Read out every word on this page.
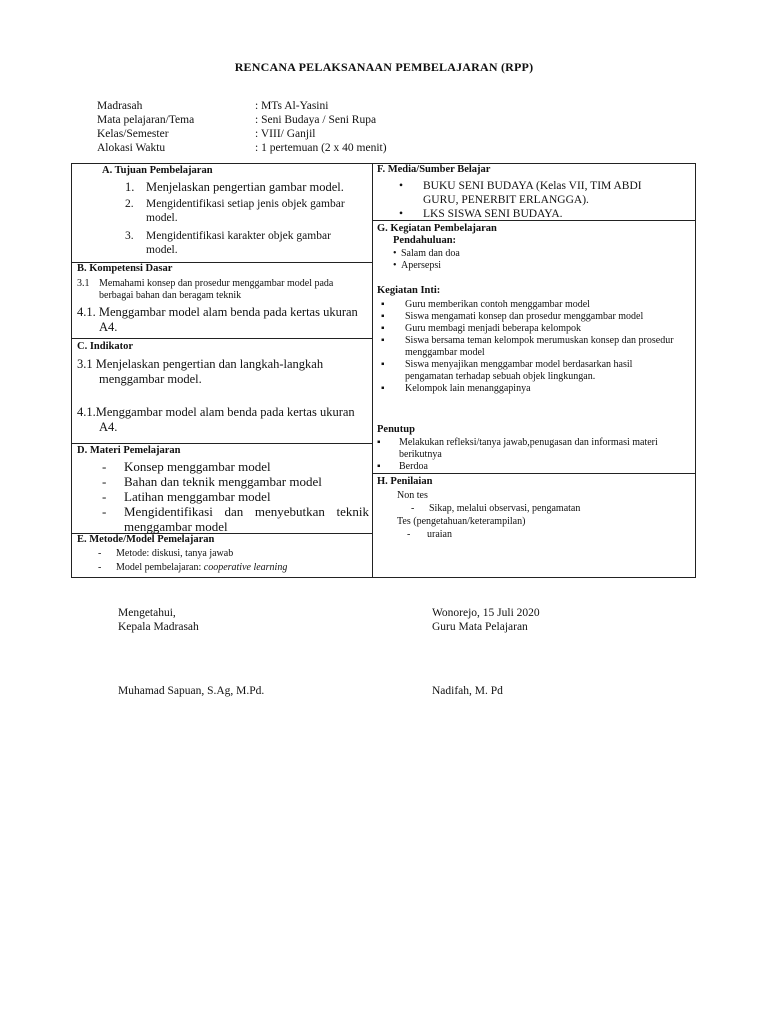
RENCANA PELAKSANAAN PEMBELAJARAN (RPP)
Madrasah	: MTs Al-Yasini
Mata pelajaran/Tema	: Seni Budaya / Seni Rupa
Kelas/Semester	: VIII/ Ganjil
Alokasi Waktu	: 1 pertemuan (2 x 40 menit)
A. Tujuan Pembelajaran
1. Menjelaskan pengertian gambar model.
2.	Mengidentifikasi setiap jenis objek gambar model.
3.	Mengidentifikasi karakter objek gambar model.
B. Kompetensi Dasar
3.1 Memahami konsep dan prosedur menggambar model pada berbagai bahan dan beragam teknik
4.1. Menggambar model alam benda pada kertas ukuran A4.
C. Indikator
3.1 Menjelaskan pengertian dan langkah-langkah menggambar model.
4.1.Menggambar model alam benda pada kertas ukuran A4.
D. Materi Pemelajaran
-	Konsep menggambar model
-	Bahan dan teknik menggambar model
-	Latihan menggambar model
-	Mengidentifikasi dan menyebutkan teknik menggambar model
E. Metode/Model Pemelajaran
-	Metode: diskusi, tanya jawab
-	Model pembelajaran: cooperative learning
F. Media/Sumber Belajar
•	BUKU SENI BUDAYA (Kelas VII, TIM ABDI GURU, PENERBIT ERLANGGA).
•	LKS SISWA SENI BUDAYA.
G. Kegiatan Pembelajaran
Pendahuluan:
• Salam dan doa
• Apersepsi
Kegiatan Inti:
▪	Guru memberikan contoh menggambar model
▪	Siswa mengamati konsep dan prosedur menggambar model
▪	Guru membagi menjadi beberapa kelompok
▪	Siswa bersama teman kelompok merumuskan konsep dan prosedur menggambar model
▪	Siswa menyajikan menggambar model berdasarkan hasil pengamatan terhadap sebuah objek lingkungan.
▪	Kelompok lain menanggapinya
Penutup
▪	Melakukan refleksi/tanya jawab,penugasan dan informasi materi berikutnya
▪	Berdoa
H. Penilaian
Non tes
-	Sikap, melalui observasi, pengamatan
Tes (pengetahuan/keterampilan)
-	uraian
Mengetahui,
Kepala Madrasah
Muhamad Sapuan, S.Ag, M.Pd.
Wonorejo, 15 Juli 2020
Guru Mata Pelajaran
Nadifah, M. Pd
